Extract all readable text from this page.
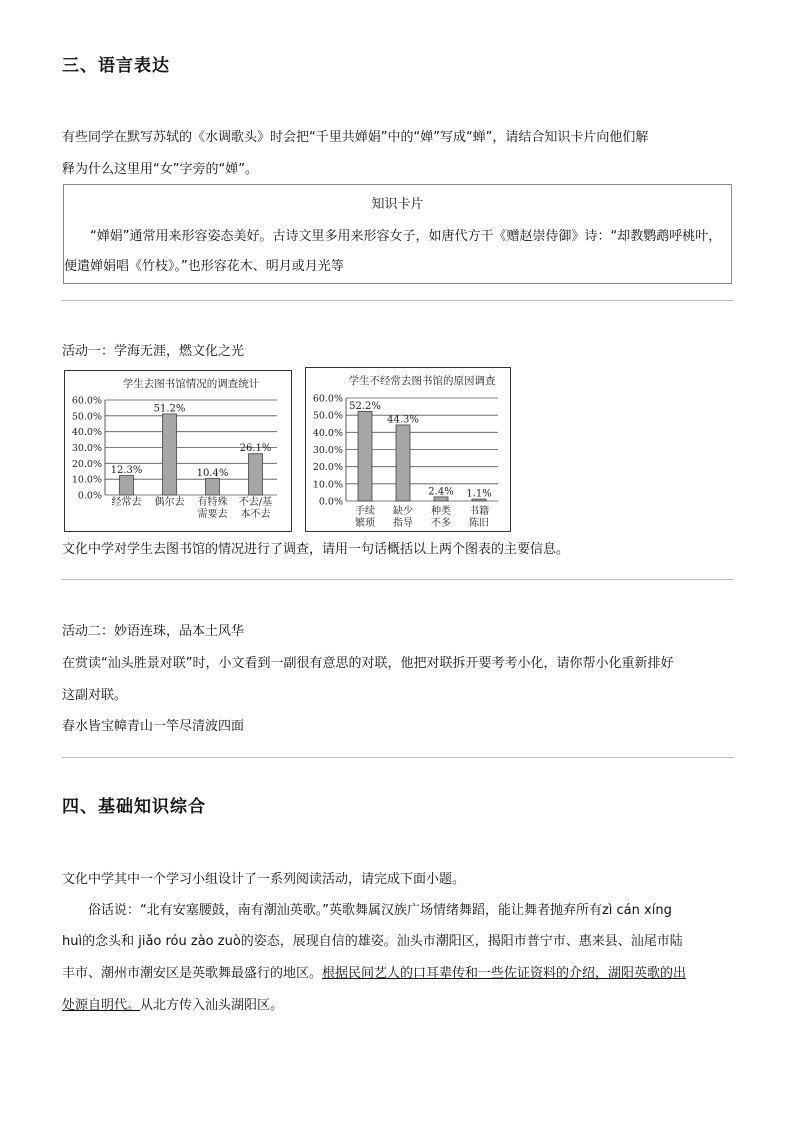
三、语言表达
有些同学在默写苏轼的《水调歌头》时会把“千里共婵娟”中的“婵”写成“蝉”，请结合知识卡片向他们解
释为什么这里用“女”字旁的“婵”。
知识卡片
“婵娟”通常用来形容姿态美好。古诗文里多用来形容女子，如唐代方干《赠赵崇侍御》诗：“却教鹦鹉呼桃叶，便遣婵娟唱《竹枝》。”也形容花木、明月或月光等
活动一：学海无涯，燃文化之光
学生去图书馆情况的调查统计
0.0%
10.0%
20.0%
30.0%
40.0%
50.0%
60.0%
12.3%
经常去
51.2%
偶尔去
10.4%
有特殊
需要去
26.1%
不去/基
本不去
学生不经常去图书馆的原因调查
0.0%
10.0%
20.0%
30.0%
40.0%
50.0%
60.0%
52.2%
手续
繁琐
44.3%
缺少
指导
2.4%
种类
不多
1.1%
书籍
陈旧
文化中学对学生去图书馆的情况进行了调查，请用一句话概括以上两个图表的主要信息。
活动二：妙语连珠，品本土风华
在赏读“汕头胜景对联”时，小文看到一副很有意思的对联，他把对联拆开要考考小化，请你帮小化重新排好
这副对联。
春水皆宝幛青山一竿尽清波四面
四、基础知识综合
文化中学其中一个学习小组设计了一系列阅读活动，请完成下面小题。
俗话说：“北有安塞腰鼓，南有潮汕英歌。”英歌舞属汉族广场情绪舞蹈，能让舞者抛弃所有zì cán xíng
huì的念头和 jiǎo róu zào zuò的姿态，展现自信的雄姿。汕头市潮阳区，揭阳市普宁市、惠来县、汕尾市陆
丰市、潮州市潮安区是英歌舞最盛行的地区。根据民间艺人的口耳辈传和一些佐证资料的介绍，湖阳英歌的出
处源自明代。从北方传入汕头湖阳区。
